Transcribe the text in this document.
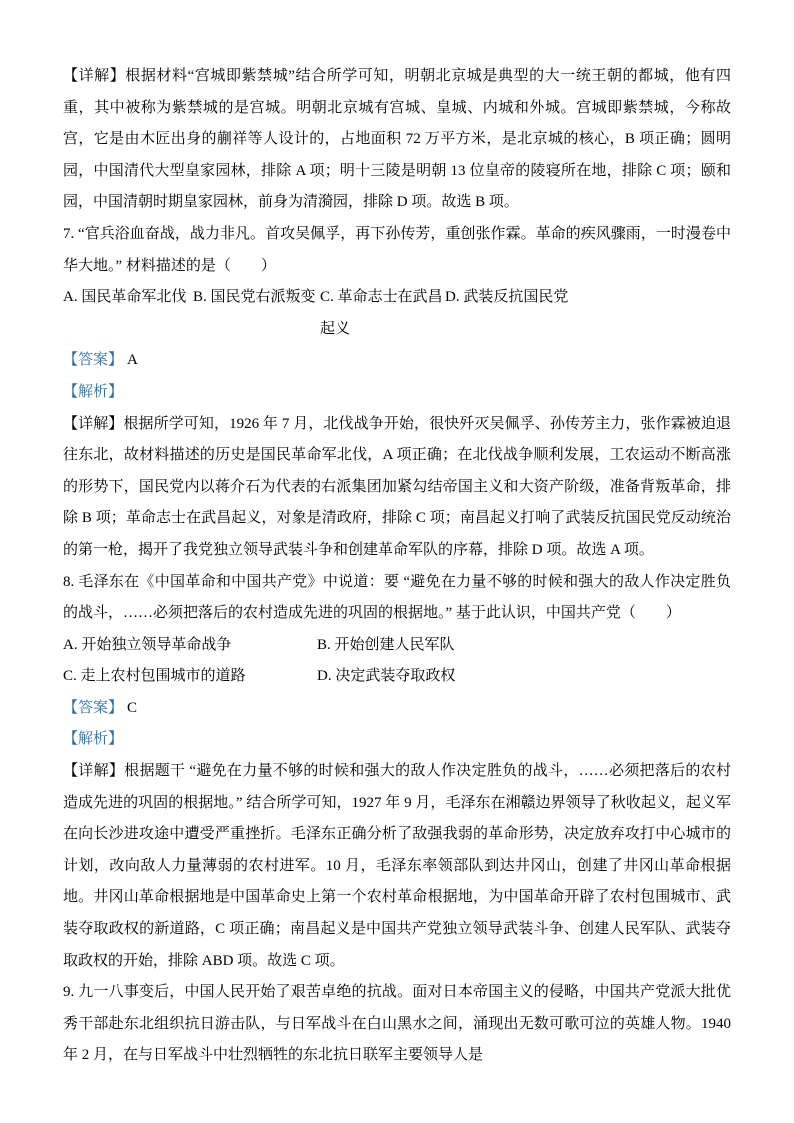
【详解】根据材料“宫城即紫禁城”结合所学可知，明朝北京城是典型的大一统王朝的都城，他有四重，其中被称为紫禁城的是宫城。明朝北京城有宫城、皇城、内城和外城。宫城即紫禁城，今称故宫，它是由木匠出身的蒯祥等人设计的，占地面积 72 万平方米，是北京城的核心，B 项正确；圆明园，中国清代大型皇家园林，排除 A 项；明十三陵是明朝 13 位皇帝的陵寝所在地，排除 C 项；颐和园，中国清朝时期皇家园林，前身为清漪园，排除 D 项。故选 B 项。

7. “官兵浴血奋战，战力非凡。首攻吴佩孚，再下孙传芳，重创张作霖。革命的疾风骤雨，一时漫卷中华大地。” 材料描述的是（　　）

A. 国民革命军北伐 B. 国民党右派叛变 C. 革命志士在武昌起义
D. 武装反抗国民党

【答案】 A

【解析】

【详解】根据所学可知，1926 年 7 月，北伐战争开始，很快歼灭吴佩孚、孙传芳主力，张作霖被迫退往东北，故材料描述的历史是国民革命军北伐，A 项正确；在北伐战争顺利发展，工农运动不断高涨的形势下，国民党内以蒋介石为代表的右派集团加紧勾结帝国主义和大资产阶级，准备背叛革命，排除 B 项；革命志士在武昌起义，对象是清政府，排除 C 项；南昌起义打响了武装反抗国民党反动统治的第一枪，揭开了我党独立领导武装斗争和创建革命军队的序幕，排除 D 项。故选 A 项。

8. 毛泽东在《中国革命和中国共产党》中说道：要 “避免在力量不够的时候和强大的敌人作决定胜负的战斗，……必须把落后的农村造成先进的巩固的根据地。” 基于此认识，中国共产党（　　）

A. 开始独立领导革命战争	B. 开始创建人民军队
C. 走上农村包围城市的道路	D. 决定武装夺取政权

【答案】 C

【解析】

【详解】根据题干 “避免在力量不够的时候和强大的敌人作决定胜负的战斗，……必须把落后的农村造成先进的巩固的根据地。” 结合所学可知，1927 年 9 月，毛泽东在湘赣边界领导了秋收起义，起义军在向长沙进攻途中遭受严重挫折。毛泽东正确分析了敌强我弱的革命形势，决定放弃攻打中心城市的计划，改向敌人力量薄弱的农村进军。10 月，毛泽东率领部队到达井冈山，创建了井冈山革命根据地。井冈山革命根据地是中国革命史上第一个农村革命根据地，为中国革命开辟了农村包围城市、武装夺取政权的新道路，C 项正确；南昌起义是中国共产党独立领导武装斗争、创建人民军队、武装夺取政权的开始，排除 ABD 项。故选 C 项。

9. 九一八事变后，中国人民开始了艰苦卓绝的抗战。面对日本帝国主义的侵略，中国共产党派大批优秀干部赴东北组织抗日游击队，与日军战斗在白山黑水之间，涌现出无数可歌可泣的英雄人物。1940 年 2 月，在与日军战斗中壮烈牺牲的东北抗日联军主要领导人是
